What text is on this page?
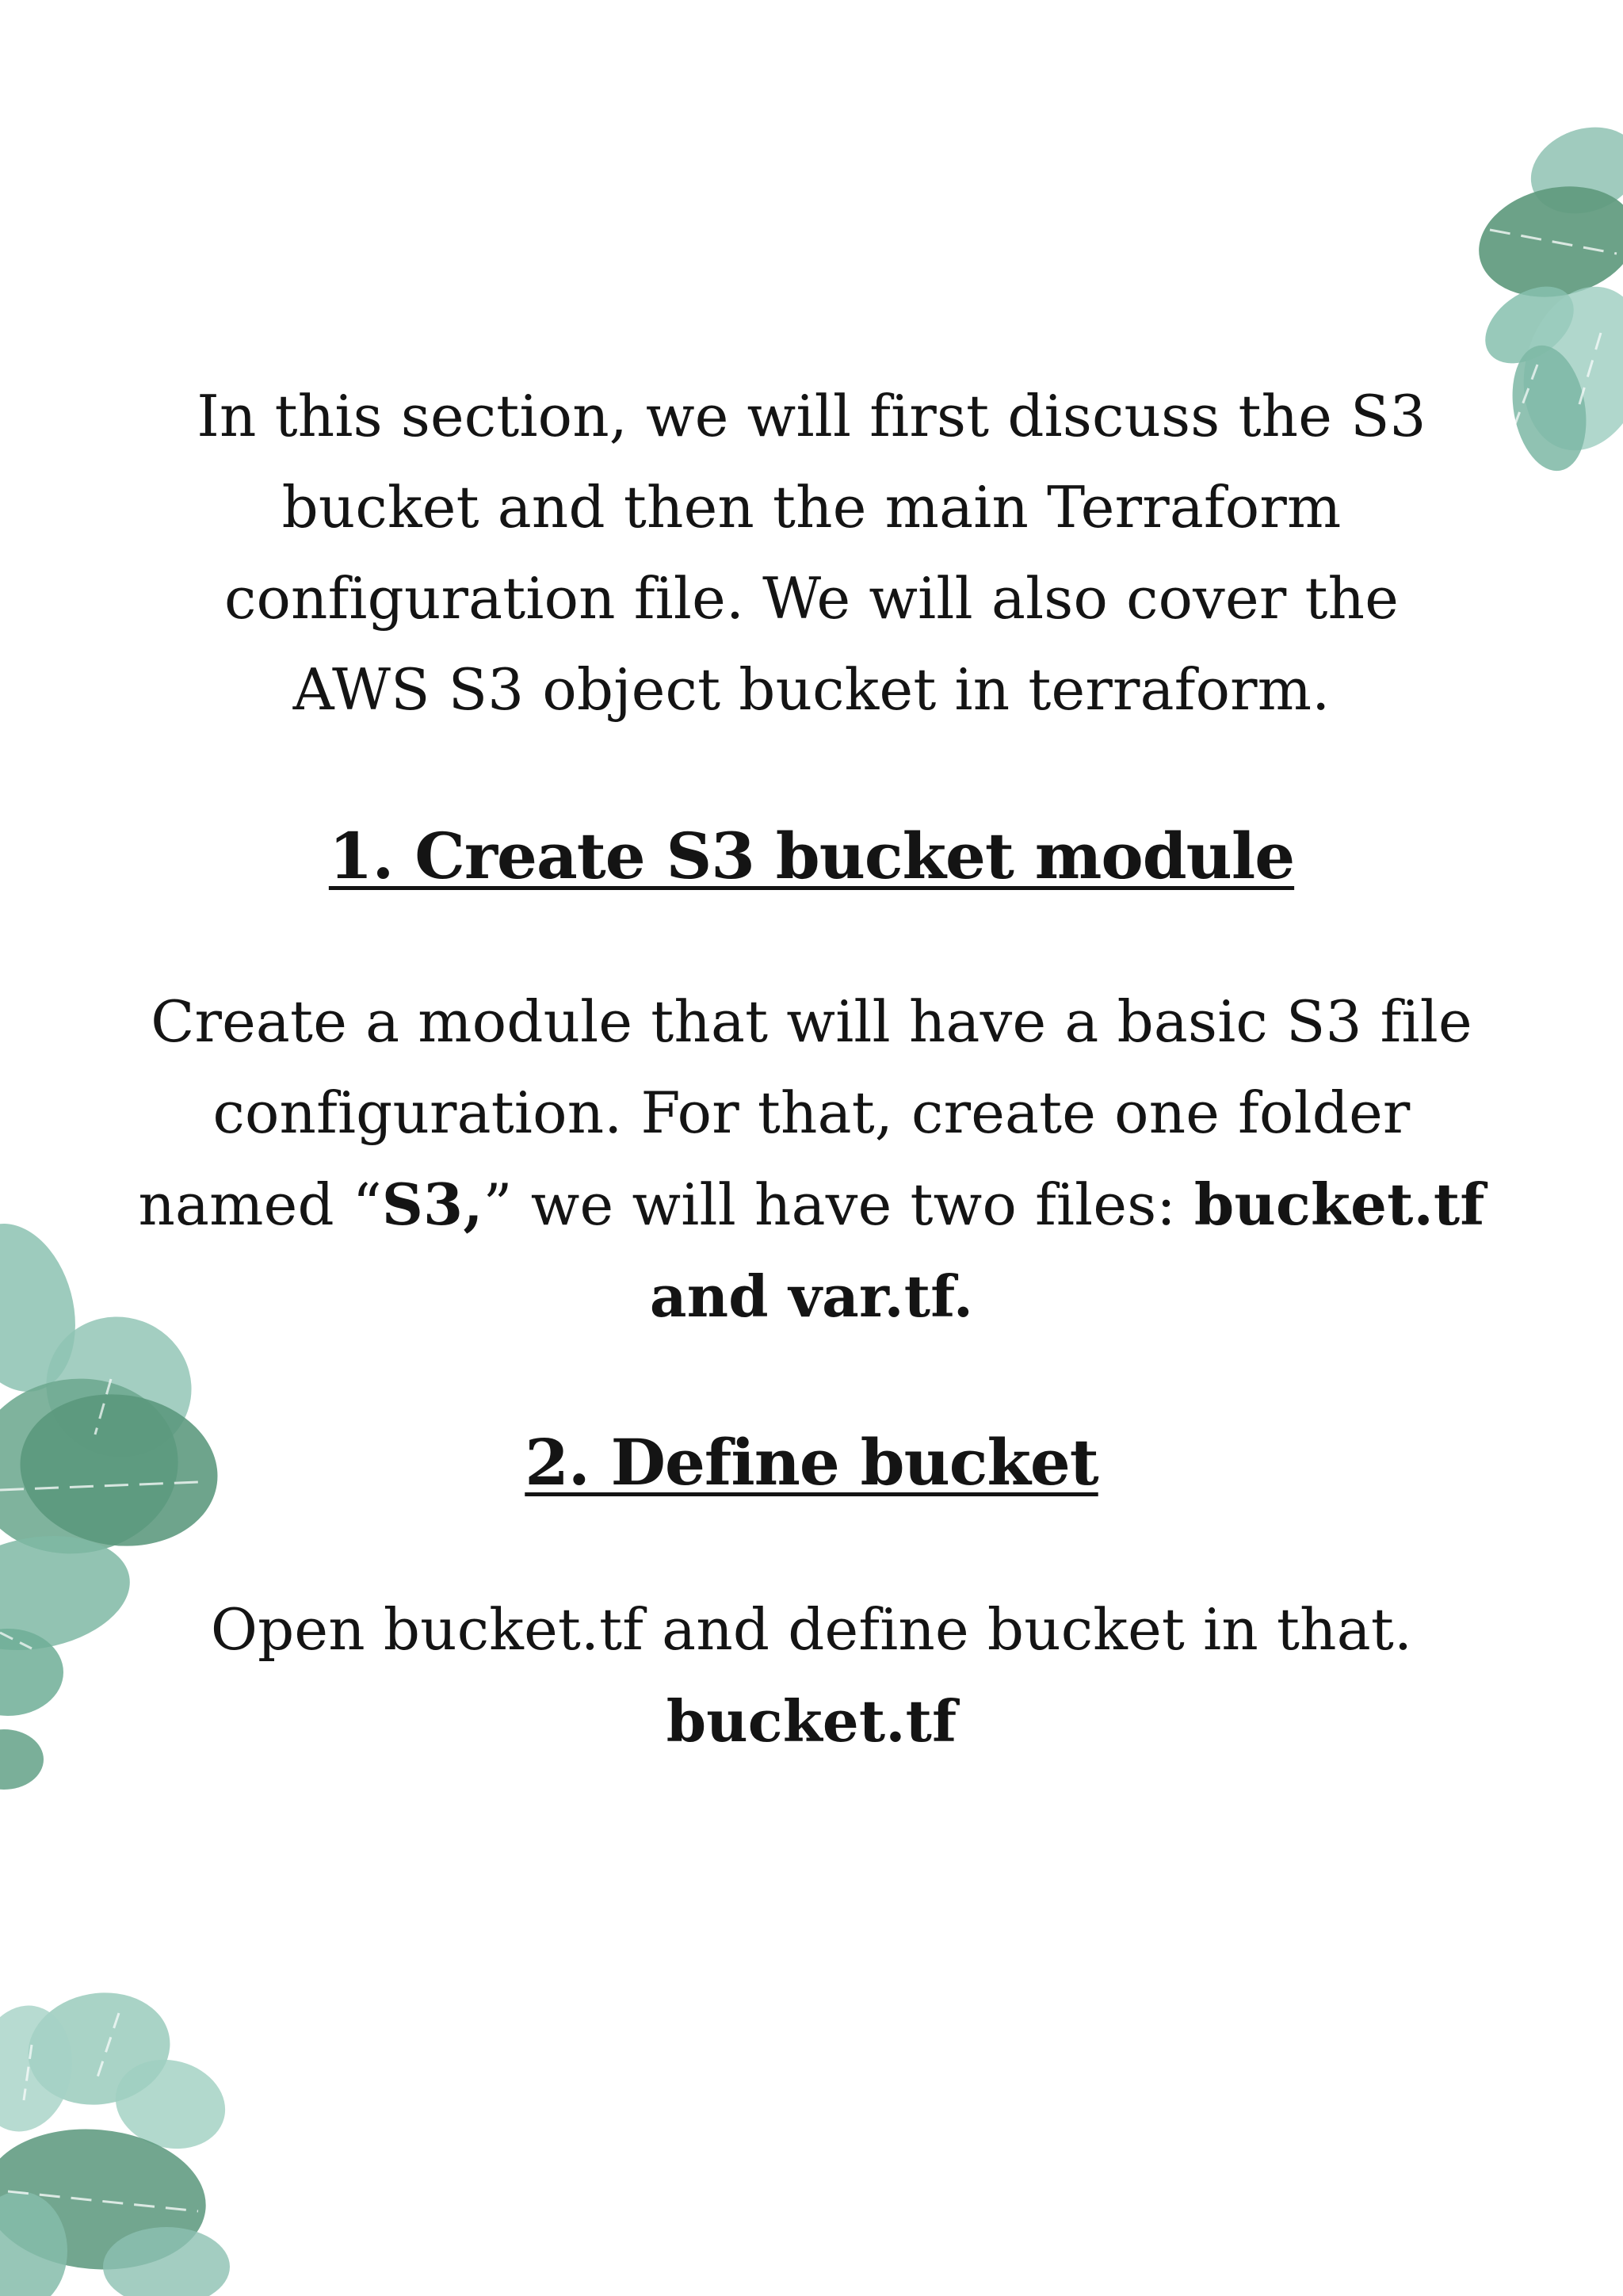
In this section, we will first discuss the S3
bucket and then the main Terraform
configuration file. We will also cover the
AWS S3 object bucket in terraform.

1. Create S3 bucket module

Create a module that will have a basic S3 file
configuration. For that, create one folder
named “S3,” we will have two files: bucket.tf
and var.tf.

2. Define bucket

Open bucket.tf and define bucket in that.
bucket.tf
